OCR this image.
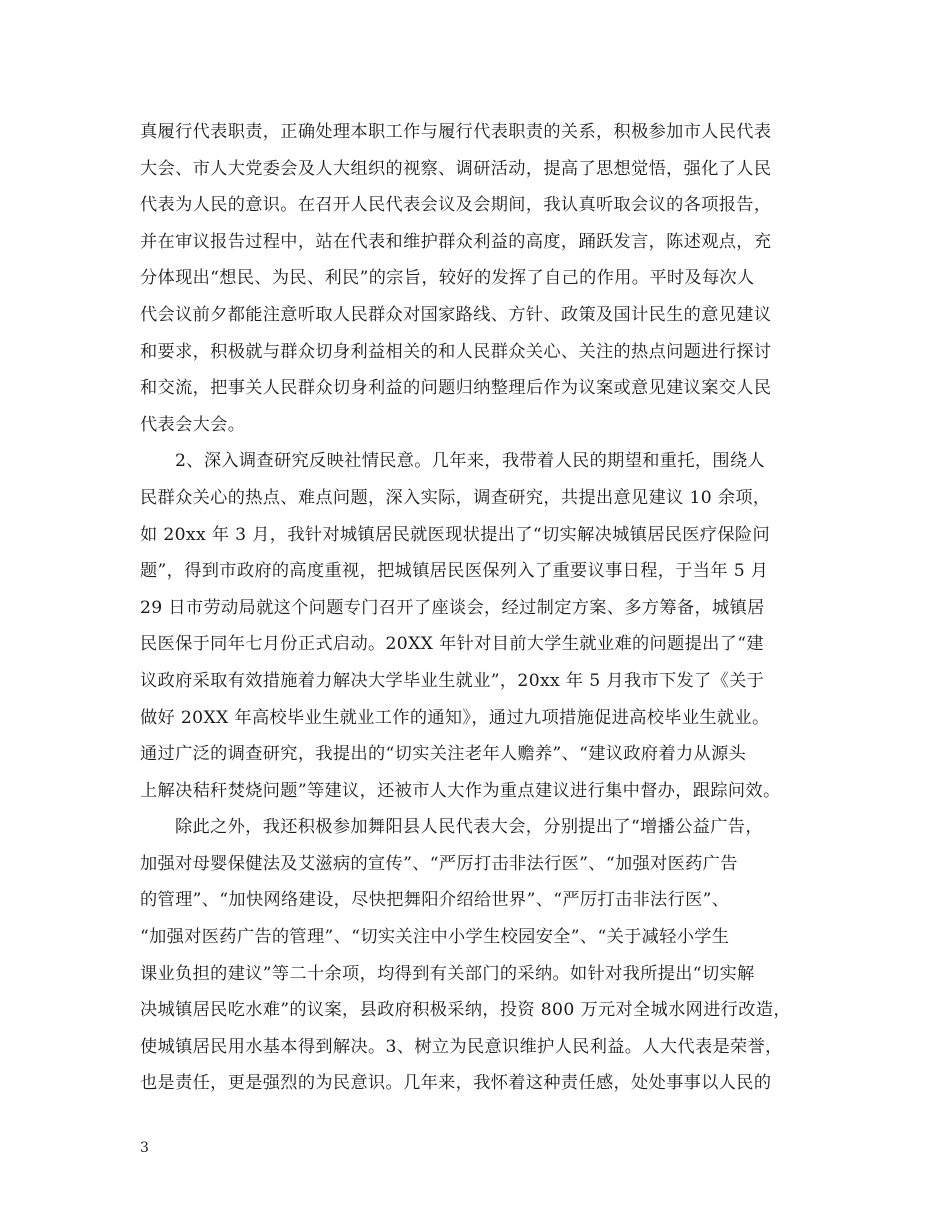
真履行代表职责，正确处理本职工作与履行代表职责的关系，积极参加市人民代表
大会、市人大党委会及人大组织的视察、调研活动，提高了思想觉悟，强化了人民
代表为人民的意识。在召开人民代表会议及会期间，我认真听取会议的各项报告，
并在审议报告过程中，站在代表和维护群众利益的高度，踊跃发言，陈述观点，充
分体现出“想民、为民、利民”的宗旨，较好的发挥了自己的作用。平时及每次人
代会议前夕都能注意听取人民群众对国家路线、方针、政策及国计民生的意见建议
和要求，积极就与群众切身利益相关的和人民群众关心、关注的热点问题进行探讨
和交流，把事关人民群众切身利益的问题归纳整理后作为议案或意见建议案交人民
代表会大会。
2、深入调查研究反映社情民意。几年来，我带着人民的期望和重托，围绕人
民群众关心的热点、难点问题，深入实际，调查研究，共提出意见建议 10 余项，
如 20xx 年 3 月，我针对城镇居民就医现状提出了“切实解决城镇居民医疗保险问
题”，得到市政府的高度重视，把城镇居民医保列入了重要议事日程，于当年 5 月
29 日市劳动局就这个问题专门召开了座谈会，经过制定方案、多方筹备，城镇居
民医保于同年七月份正式启动。20XX 年针对目前大学生就业难的问题提出了“建
议政府采取有效措施着力解决大学毕业生就业”，20xx 年 5 月我市下发了《关于
做好 20XX 年高校毕业生就业工作的通知》，通过九项措施促进高校毕业生就业。
通过广泛的调查研究，我提出的“切实关注老年人赡养”、“建议政府着力从源头
上解决秸秆焚烧问题”等建议，还被市人大作为重点建议进行集中督办，跟踪问效。
除此之外，我还积极参加舞阳县人民代表大会，分别提出了“增播公益广告，
加强对母婴保健法及艾滋病的宣传”、“严厉打击非法行医”、“加强对医药广告
的管理”、“加快网络建设，尽快把舞阳介绍给世界”、“严厉打击非法行医”、
“加强对医药广告的管理”、“切实关注中小学生校园安全”、“关于减轻小学生
课业负担的建议”等二十余项，均得到有关部门的采纳。如针对我所提出“切实解
决城镇居民吃水难”的议案，县政府积极采纳，投资 800 万元对全城水网进行改造，
使城镇居民用水基本得到解决。3、树立为民意识维护人民利益。人大代表是荣誉，
也是责任，更是强烈的为民意识。几年来，我怀着这种责任感，处处事事以人民的
3
